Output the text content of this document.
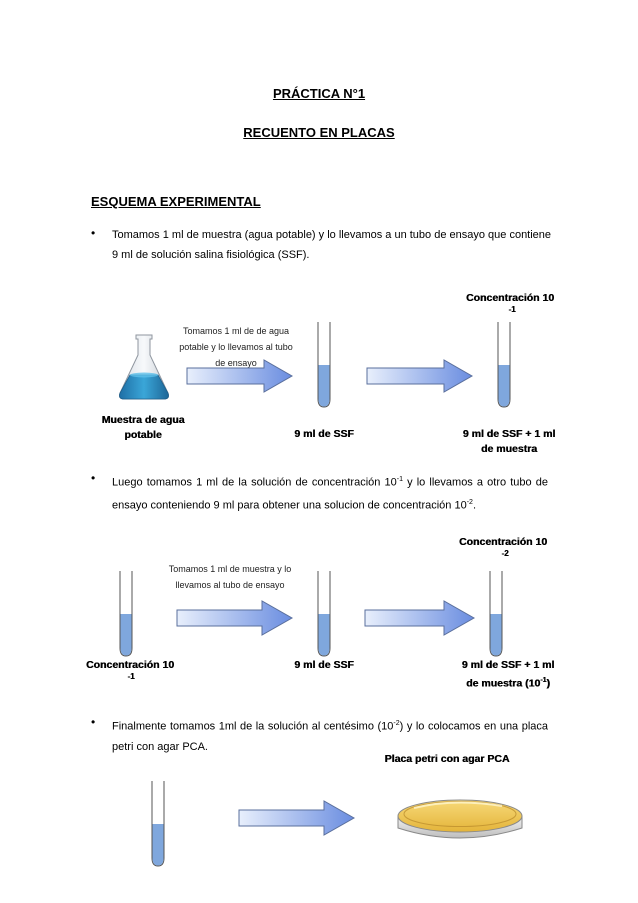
PRÁCTICA N°1
RECUENTO EN PLACAS
ESQUEMA EXPERIMENTAL
• Tomamos 1 ml de muestra (agua potable) y lo llevamos a un tubo de ensayo que contiene
9 ml de solución salina fisiológica (SSF).
Muestra de agua potable
Tomamos 1 ml de de agua potable y lo llevamos al tubo de ensayo
9 ml de SSF
Concentración 10
-1
9 ml de SSF + 1 ml
de muestra
• Luego tomamos 1 ml de la solución de concentración $10^{-1}$ y lo llevamos a otro tubo de
ensayo conteniendo 9 ml para obtener una solucion de concentración $10^{-2}$.
Concentración 10
-2
Concentración 10
-1
Tomamos 1 ml de muestra y lo llevamos al tubo de ensayo
9 ml de SSF	9 ml de SSF + 1 ml
de muestra $(10^{-1})$
• Finalmente tomamos 1ml de la solución al centésimo $(10^{-2})$ y lo colocamos en una placa
petri con agar PCA.
Placa petri con agar PCA
